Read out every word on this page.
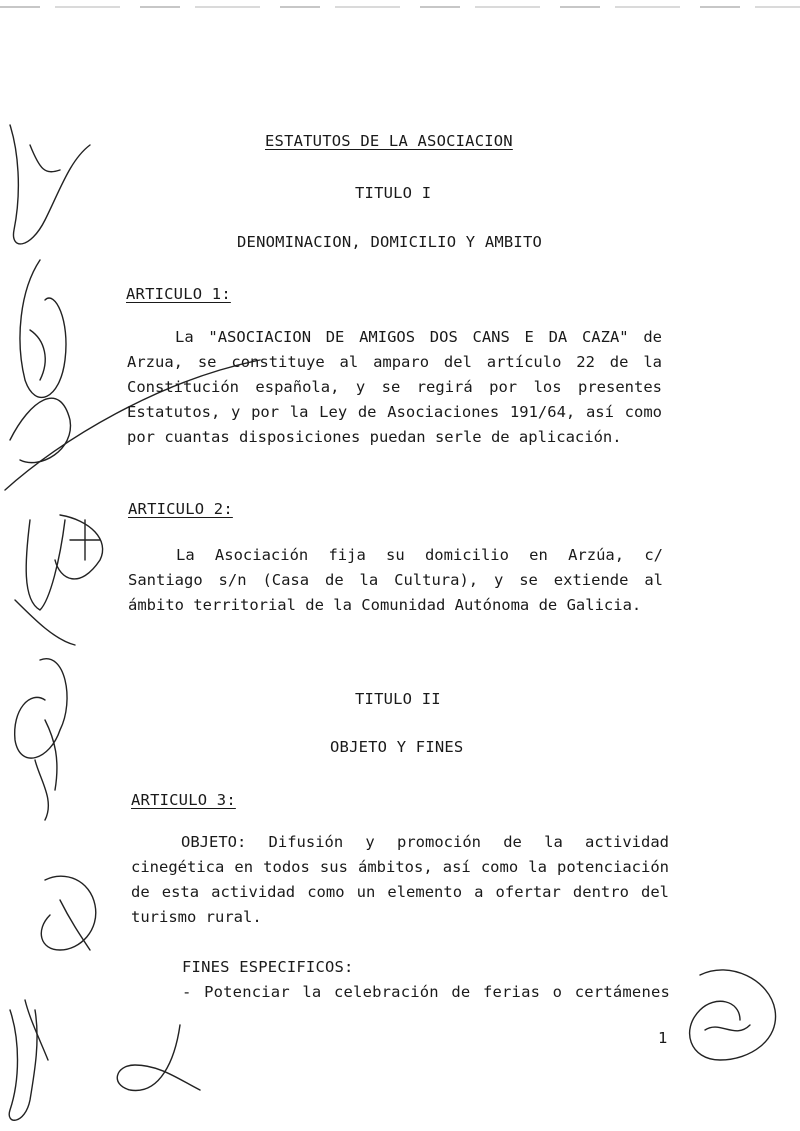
ESTATUTOS DE LA ASOCIACION
TITULO I
DENOMINACION, DOMICILIO Y AMBITO
ARTICULO 1:
La "ASOCIACION DE AMIGOS DOS CANS E DA CAZA" de
Arzua, se constituye al amparo del artículo 22 de la
Constitución española, y se regirá por los presentes
Estatutos, y por la Ley de Asociaciones 191/64, así como
por cuantas disposiciones puedan serle de aplicación.
ARTICULO 2:
La Asociación fija su domicilio en Arzúa, c/
Santiago s/n (Casa de la Cultura), y se extiende al
ámbito territorial de la Comunidad Autónoma de Galicia.
TITULO II
OBJETO Y FINES
ARTICULO 3:
OBJETO: Difusión y promoción de la actividad
cinegética en todos sus ámbitos, así como la potenciación
de esta actividad como un elemento a ofertar dentro del
turismo rural.
FINES ESPECIFICOS:
- Potenciar la celebración de ferias o certámenes
1
